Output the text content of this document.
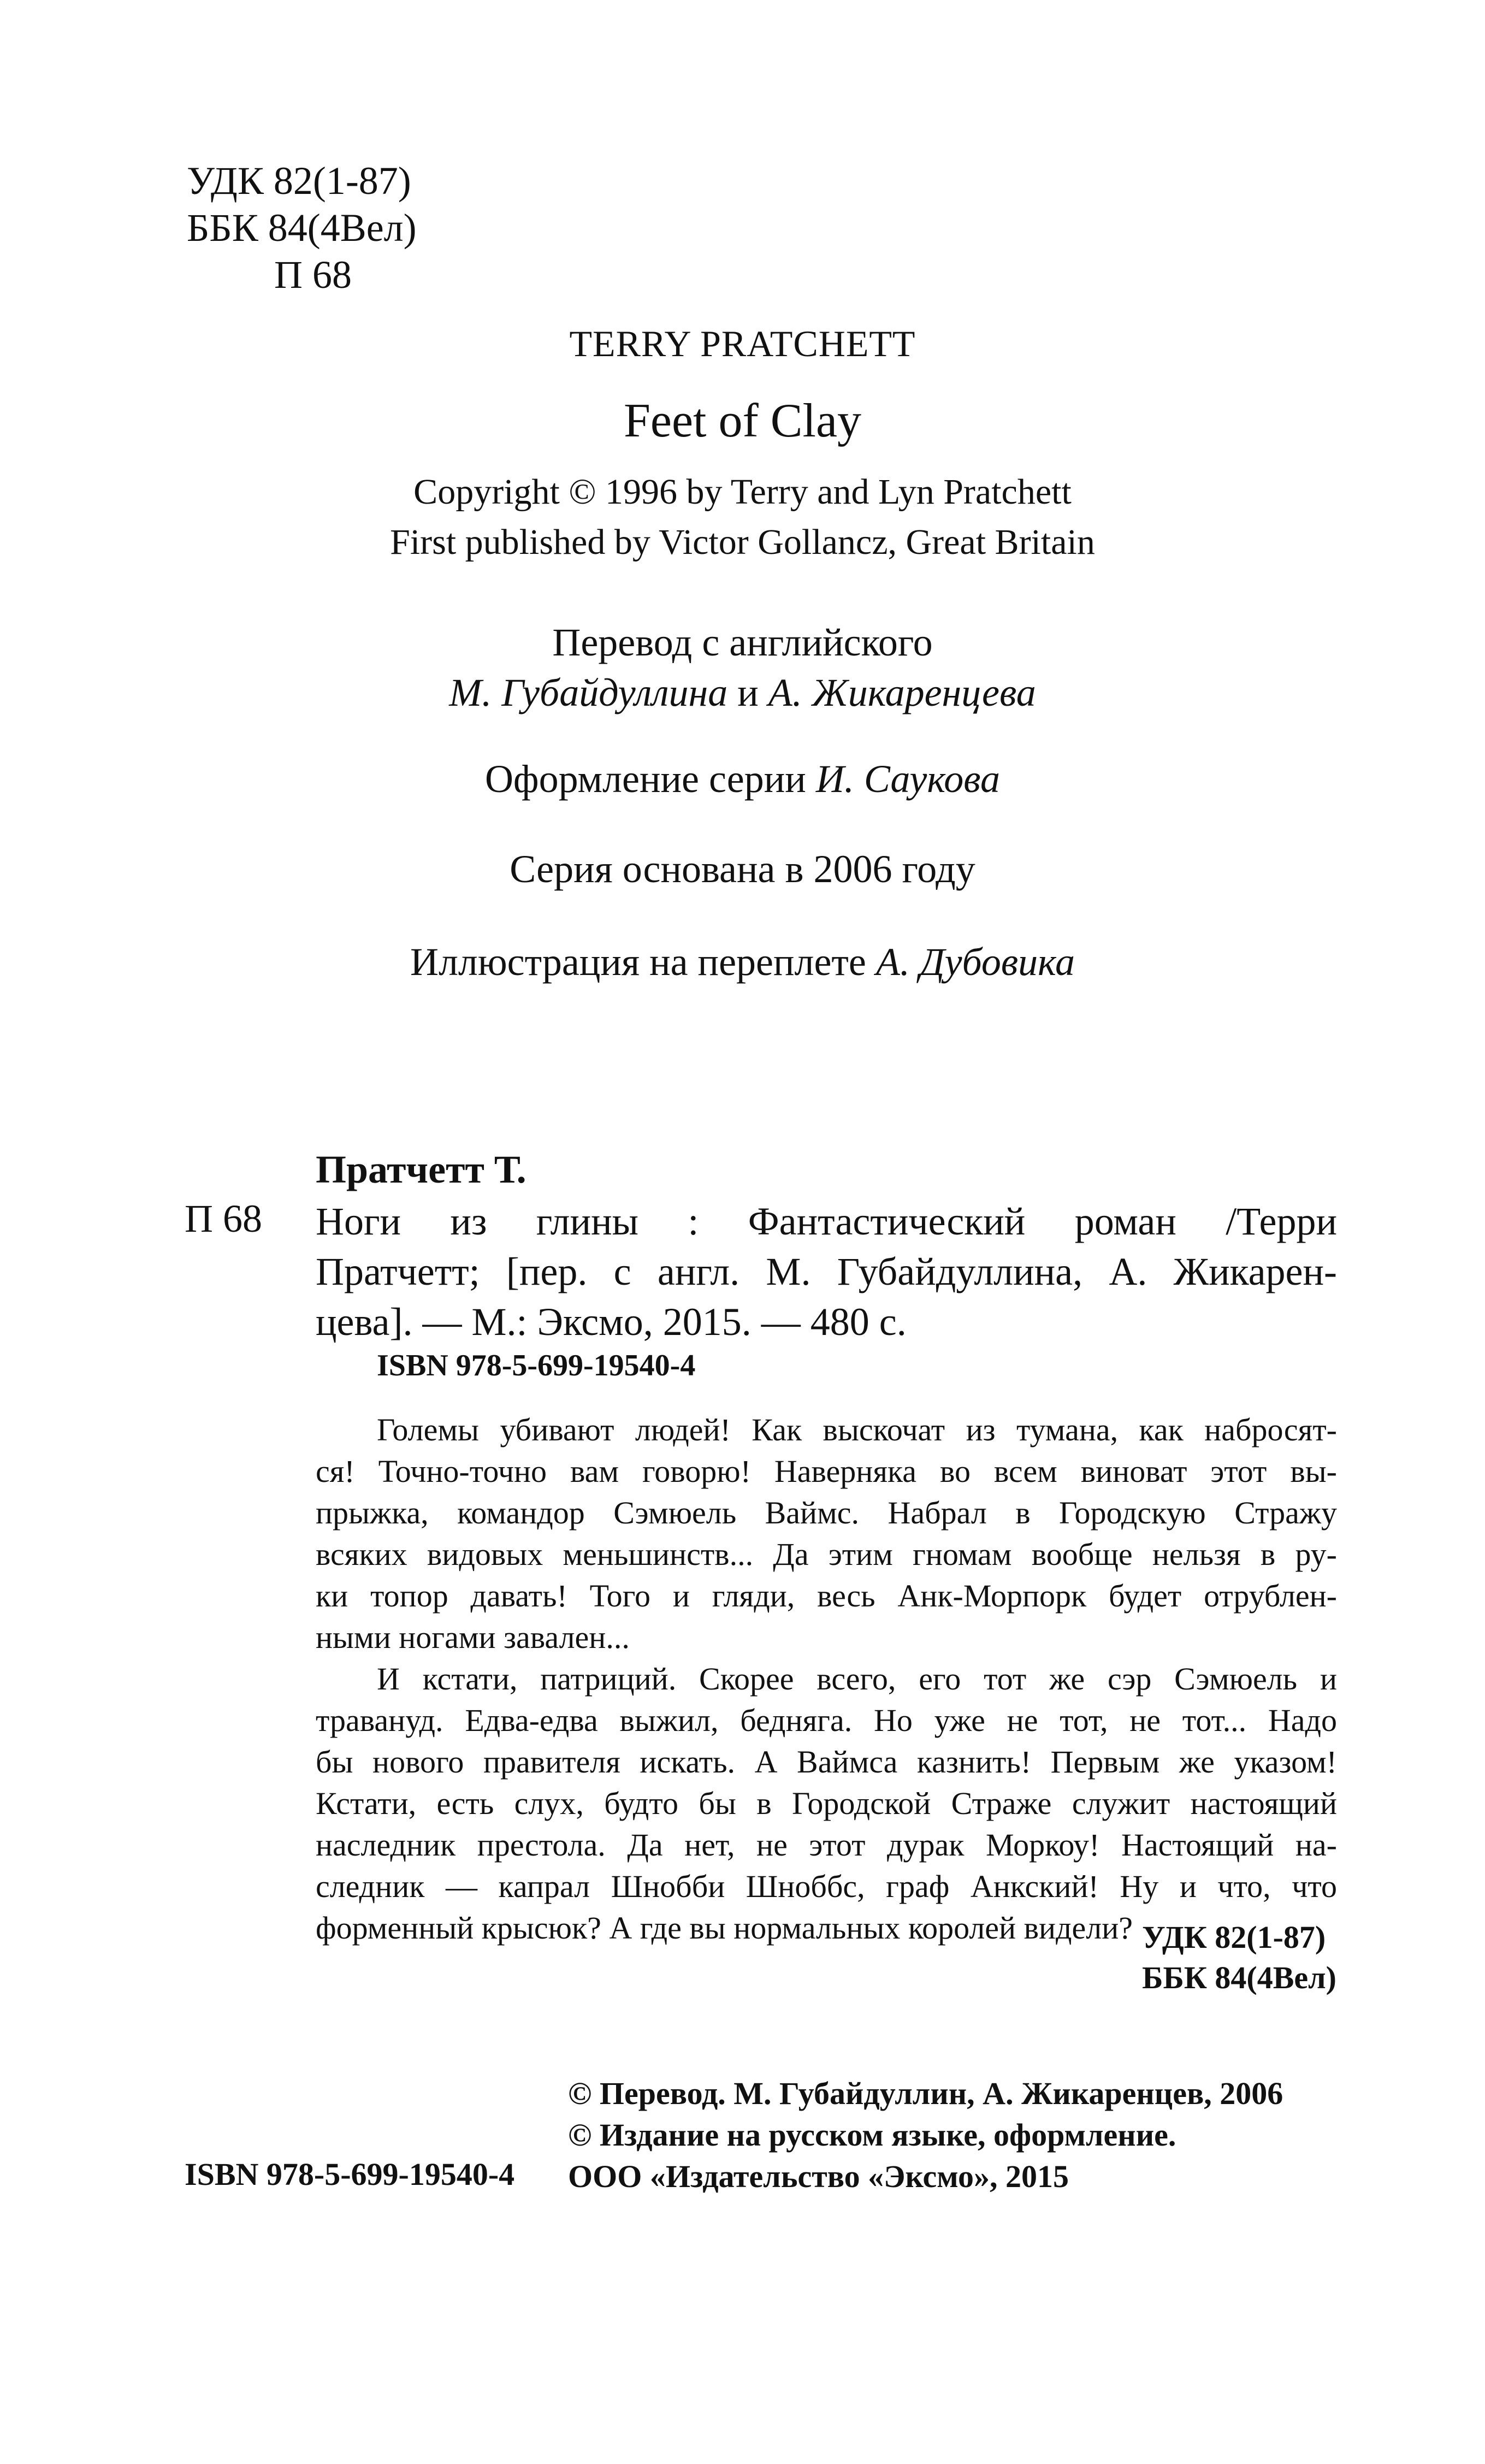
УДК 82(1-87)
ББК 84(4Вел)
П 68
TERRY PRATCHETT
Feet of Clay
Copyright © 1996 by Terry and Lyn Pratchett
First published by Victor Gollancz, Great Britain
Перевод с английского
М. Губайдуллина и А. Жикаренцева
Оформление серии И. Саукова
Серия основана в 2006 году
Иллюстрация на переплете А. Дубовика
Пратчетт Т.
П 68 Ноги из глины : Фантастический роман /Терри
Пратчетт; [пер. с англ. М. Губайдуллина, А. Жикарен-
цева]. — М.: Эксмо, 2015. — 480 с.
ISBN 978-5-699-19540-4
Големы убивают людей! Как выскочат из тумана, как набросят-
ся! Точно-точно вам говорю! Наверняка во всем виноват этот вы-
прыжка, командор Сэмюель Ваймс. Набрал в Городскую Стражу
всяких видовых меньшинств... Да этим гномам вообще нельзя в ру-
ки топор давать! Того и гляди, весь Анк-Морпорк будет отрублен-
ными ногами завален...
И кстати, патриций. Скорее всего, его тот же сэр Сэмюель и
травануд. Едва-едва выжил, бедняга. Но уже не тот, не тот... Надо
бы нового правителя искать. А Ваймса казнить! Первым же указом!
Кстати, есть слух, будто бы в Городской Страже служит настоящий
наследник престола. Да нет, не этот дурак Моркоу! Настоящий на-
следник — капрал Шнобби Шноббс, граф Анкский! Ну и что, что
форменный крысюк? А где вы нормальных королей видели? УДК 82(1-87)
ББК 84(4Вел)
© Перевод. М. Губайдуллин, А. Жикаренцев, 2006
© Издание на русском языке, оформление.
ООО «Издательство «Эксмо», 2015
ISBN 978-5-699-19540-4
